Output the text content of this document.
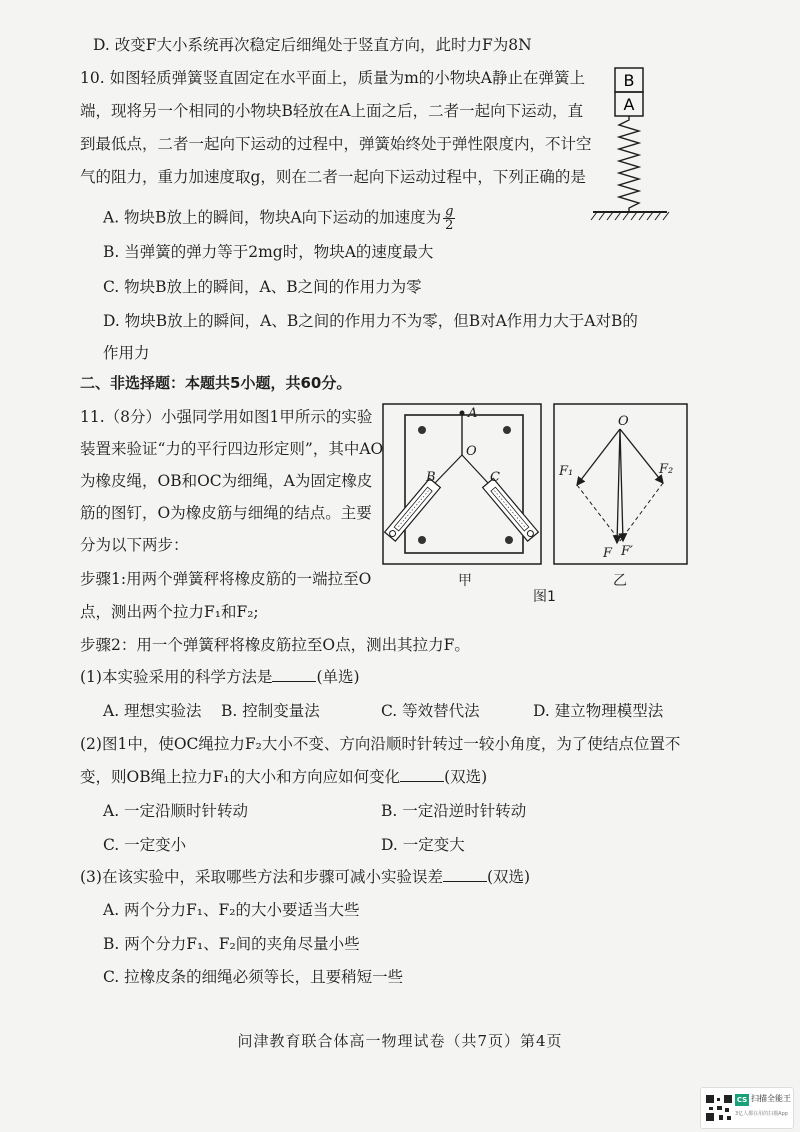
D. 改变F大小系统再次稳定后细绳处于竖直方向，此时力F为8N
10. 如图轻质弹簧竖直固定在水平面上，质量为m的小物块A静止在弹簧上
端，现将另一个相同的小物块B轻放在A上面之后，二者一起向下运动，直
到最低点，二者一起向下运动的过程中，弹簧始终处于弹性限度内，不计空
气的阻力，重力加速度取g，则在二者一起向下运动过程中，下列正确的是
A. 物块B放上的瞬间，物块A向下运动的加速度为 $\frac{g}{2}$
B. 当弹簧的弹力等于2mg时，物块A的速度最大
C. 物块B放上的瞬间，A、B之间的作用力为零
D. 物块B放上的瞬间，A、B之间的作用力不为零，但B对A作用力大于A对B的
作用力
B
A
二、非选择题：本题共5小题，共60分。
11.（8分）小强同学用如图1甲所示的实验
装置来验证“力的平行四边形定则”，其中AO
为橡皮绳，OB和OC为细绳，A为固定橡皮
筋的图钉，O为橡皮筋与细绳的结点。主要
分为以下两步：
步骤1:用两个弹簧秤将橡皮筋的一端拉至O
点，测出两个拉力F₁和F₂;
A
O
B	C
O
F₁	F₂
F F′
甲	乙
图1
步骤2：用一个弹簧秤将橡皮筋拉至O点，测出其拉力F。
(1)本实验采用的科学方法是	(单选)
A. 理想实验法 B. 控制变量法	C. 等效替代法	D. 建立物理模型法
(2)图1中，使OC绳拉力F₂大小不变、方向沿顺时针转过一较小角度，为了使结点位置不
变，则OB绳上拉力F₁的大小和方向应如何变化	(双选)
A. 一定沿顺时针转动	B. 一定沿逆时针转动
C. 一定变小	D. 一定变大
(3)在该实验中，采取哪些方法和步骤可减小实验误差	(双选)
A. 两个分力F₁、F₂的大小要适当大些
B. 两个分力F₁、F₂间的夹角尽量小些
C. 拉橡皮条的细绳必须等长，且要稍短一些
问津教育联合体高一物理试卷（共7页）第4页
CS 扫描全能王
3亿人都在用的扫描App
